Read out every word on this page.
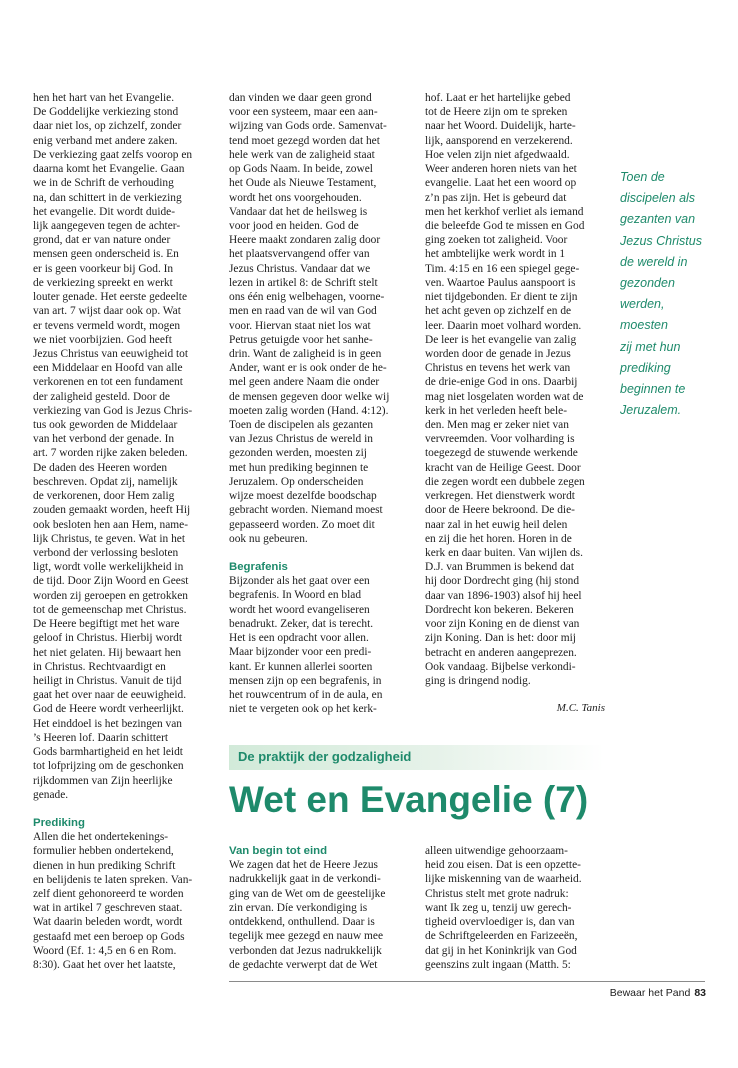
hen het hart van het Evangelie.
De Goddelijke verkiezing stond
daar niet los, op zichzelf, zonder
enig verband met andere zaken.
De verkiezing gaat zelfs voorop en
daarna komt het Evangelie. Gaan
we in de Schrift de verhouding
na, dan schittert in de verkiezing
het evangelie. Dit wordt duide-
lijk aangegeven tegen de achter-
grond, dat er van nature onder
mensen geen onderscheid is. En
er is geen voorkeur bij God. In
de verkiezing spreekt en werkt
louter genade. Het eerste gedeelte
van art. 7 wijst daar ook op. Wat
er tevens vermeld wordt, mogen
we niet voorbijzien. God heeft
Jezus Christus van eeuwigheid tot
een Middelaar en Hoofd van alle
verkorenen en tot een fundament
der zaligheid gesteld. Door de
verkiezing van God is Jezus Chris-
tus ook geworden de Middelaar
van het verbond der genade. In
art. 7 worden rijke zaken beleden.
De daden des Heeren worden
beschreven. Opdat zij, namelijk
de verkorenen, door Hem zalig
zouden gemaakt worden, heeft Hij
ook besloten hen aan Hem, name-
lijk Christus, te geven. Wat in het
verbond der verlossing besloten
ligt, wordt volle werkelijkheid in
de tijd. Door Zijn Woord en Geest
worden zij geroepen en getrokken
tot de gemeenschap met Christus.
De Heere begiftigt met het ware
geloof in Christus. Hierbij wordt
het niet gelaten. Hij bewaart hen
in Christus. Rechtvaardigt en
heiligt in Christus. Vanuit de tijd
gaat het over naar de eeuwigheid.
God de Heere wordt verheerlijkt.
Het einddoel is het bezingen van
’s Heeren lof. Daarin schittert
Gods barmhartigheid en het leidt
tot lofprijzing om de geschonken
rijkdommen van Zijn heerlijke
genade.
Prediking
Allen die het ondertekenings-
formulier hebben ondertekend,
dienen in hun prediking Schrift
en belijdenis te laten spreken. Van-
zelf dient gehonoreerd te worden
wat in artikel 7 geschreven staat.
Wat daarin beleden wordt, wordt
gestaafd met een beroep op Gods
Woord (Ef. 1: 4,5 en 6 en Rom.
8:30). Gaat het over het laatste,
dan vinden we daar geen grond
voor een systeem, maar een aan-
wijzing van Gods orde. Samenvat-
tend moet gezegd worden dat het
hele werk van de zaligheid staat
op Gods Naam. In beide, zowel
het Oude als Nieuwe Testament,
wordt het ons voorgehouden.
Vandaar dat het de heilsweg is
voor jood en heiden. God de
Heere maakt zondaren zalig door
het plaatsvervangend offer van
Jezus Christus. Vandaar dat we
lezen in artikel 8: de Schrift stelt
ons één enig welbehagen, voorne-
men en raad van de wil van God
voor. Hiervan staat niet los wat
Petrus getuigde voor het sanhe-
drin. Want de zaligheid is in geen
Ander, want er is ook onder de he-
mel geen andere Naam die onder
de mensen gegeven door welke wij
moeten zalig worden (Hand. 4:12).
Toen de discipelen als gezanten
van Jezus Christus de wereld in
gezonden werden, moesten zij
met hun prediking beginnen te
Jeruzalem. Op onderscheiden
wijze moest dezelfde boodschap
gebracht worden. Niemand moest
gepasseerd worden. Zo moet dit
ook nu gebeuren.
Begrafenis
Bijzonder als het gaat over een
begrafenis. In Woord en blad
wordt het woord evangeliseren
benadrukt. Zeker, dat is terecht.
Het is een opdracht voor allen.
Maar bijzonder voor een predi-
kant. Er kunnen allerlei soorten
mensen zijn op een begrafenis, in
het rouwcentrum of in de aula, en
niet te vergeten ook op het kerk-
hof. Laat er het hartelijke gebed
tot de Heere zijn om te spreken
naar het Woord. Duidelijk, harte-
lijk, aansporend en verzekerend.
Hoe velen zijn niet afgedwaald.
Weer anderen horen niets van het
evangelie. Laat het een woord op
z’n pas zijn. Het is gebeurd dat
men het kerkhof verliet als iemand
die beleefde God te missen en God
ging zoeken tot zaligheid. Voor
het ambtelijke werk wordt in 1
Tim. 4:15 en 16 een spiegel gege-
ven. Waartoe Paulus aanspoort is
niet tijdgebonden. Er dient te zijn
het acht geven op zichzelf en de
leer. Daarin moet volhard worden.
De leer is het evangelie van zalig
worden door de genade in Jezus
Christus en tevens het werk van
de drie-enige God in ons. Daarbij
mag niet losgelaten worden wat de
kerk in het verleden heeft bele-
den. Men mag er zeker niet van
vervreemden. Voor volharding is
toegezegd de stuwende werkende
kracht van de Heilige Geest. Door
die zegen wordt een dubbele zegen
verkregen. Het dienstwerk wordt
door de Heere bekroond. De die-
naar zal in het euwig heil delen
en zij die het horen. Horen in de
kerk en daar buiten. Van wijlen ds.
D.J. van Brummen is bekend dat
hij door Dordrecht ging (hij stond
daar van 1896-1903) alsof hij heel
Dordrecht kon bekeren. Bekeren
voor zijn Koning en de dienst van
zijn Koning. Dan is het: door mij
betracht en anderen aangeprezen.
Ook vandaag. Bijbelse verkondi-
ging is dringend nodig.
M.C. Tanis
Toen de
discipelen als
gezanten van
Jezus Christus
de wereld in
gezonden
werden,
moesten
zij met hun
prediking
beginnen te
Jeruzalem.
De praktijk der godzaligheid
Wet en Evangelie (7)
Van begin tot eind
We zagen dat het de Heere Jezus
nadrukkelijk gaat in de verkondi-
ging van de Wet om de geestelijke
zin ervan. Díe verkondiging is
ontdekkend, onthullend. Daar is
tegelijk mee gezegd en nauw mee
verbonden dat Jezus nadrukkelijk
de gedachte verwerpt dat de Wet
alleen uitwendige gehoorzaam-
heid zou eisen. Dat is een opzette-
lijke miskenning van de waarheid.
Christus stelt met grote nadruk:
want Ik zeg u, tenzij uw gerech-
tigheid overvloediger is, dan van
de Schriftgeleerden en Farizeeën,
dat gij in het Koninkrijk van God
geenszins zult ingaan (Matth. 5:
Bewaar het Pand 83
